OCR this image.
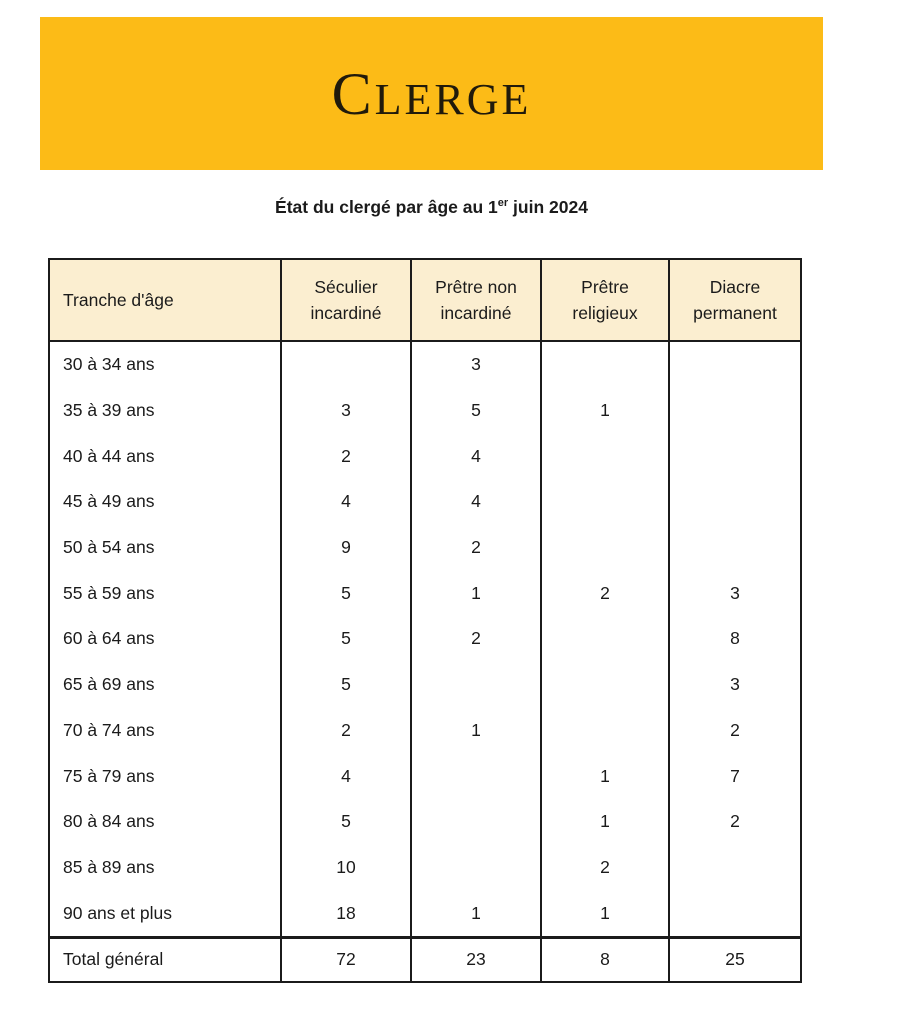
CLERGE
État du clergé par âge au 1er juin 2024
Tranche d'âge	Séculier incardiné	Prêtre non incardiné	Prêtre religieux	Diacre permanent
30 à 34 ans		3		
35 à 39 ans	3	5	1	
40 à 44 ans	2	4		
45 à 49 ans	4	4		
50 à 54 ans	9	2		
55 à 59 ans	5	1	2	3
60 à 64 ans	5	2		8
65 à 69 ans	5			3
70 à 74 ans	2	1		2
75 à 79 ans	4		1	7
80 à 84 ans	5		1	2
85 à 89 ans	10		2	
90 ans et plus	18	1	1	
Total général	72	23	8	25
